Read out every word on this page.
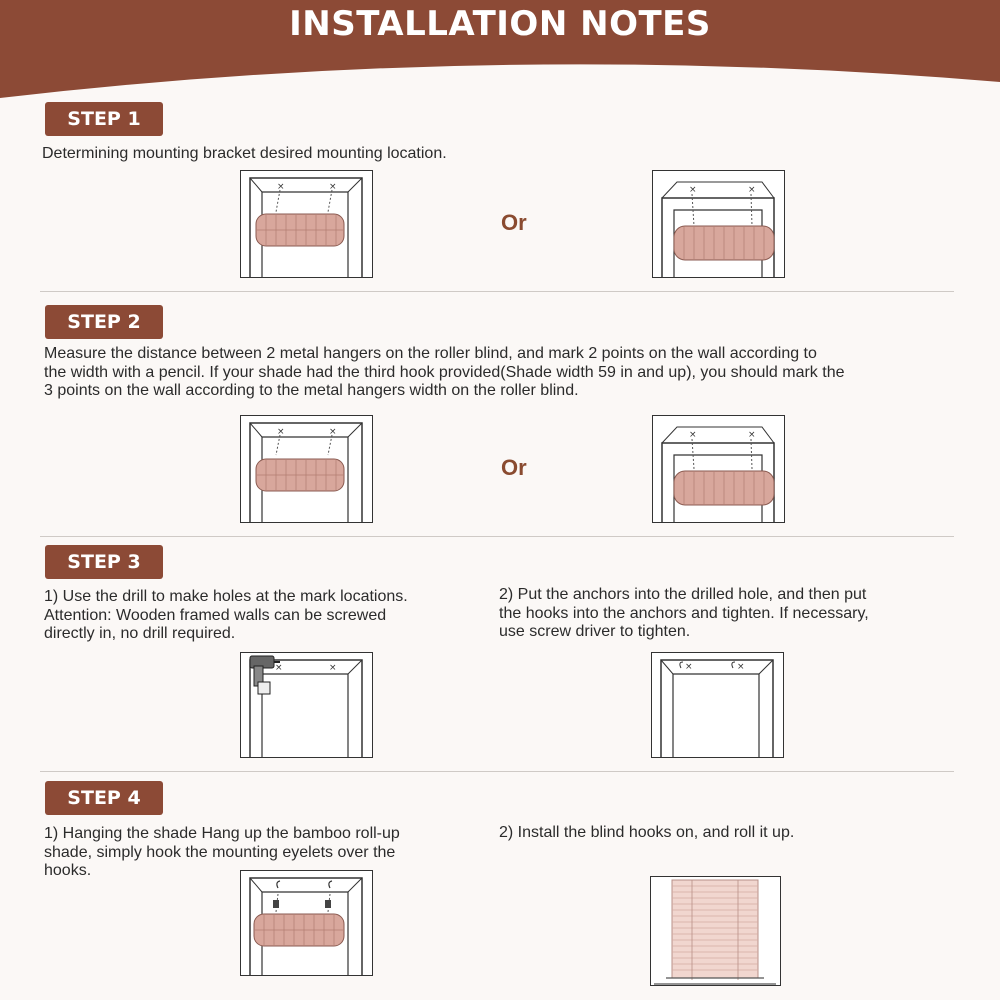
INSTALLATION NOTES
STEP 1
Determining mounting bracket desired mounting location.
×	×
Or
×	×
STEP 2
Measure the distance between 2 metal hangers on the roller blind, and mark 2 points on the wall according to
the width with a pencil. If your shade had the third hook provided(Shade width 59 in and up), you should mark the
3 points on the wall according to the metal hangers width on the roller blind.
×	×
Or
×	×
STEP 3
1) Use the drill to make holes at the mark locations.
Attention: Wooden framed walls can be screwed
directly in, no drill required.
2) Put the anchors into the drilled hole, and then put
the hooks into the anchors and tighten. If necessary,
use screw driver to tighten.
×	×	×	×
STEP 4
1) Hanging the shade Hang up the bamboo roll-up
shade, simply hook the mounting eyelets over the
hooks.
2) Install the blind hooks on, and roll it up.
